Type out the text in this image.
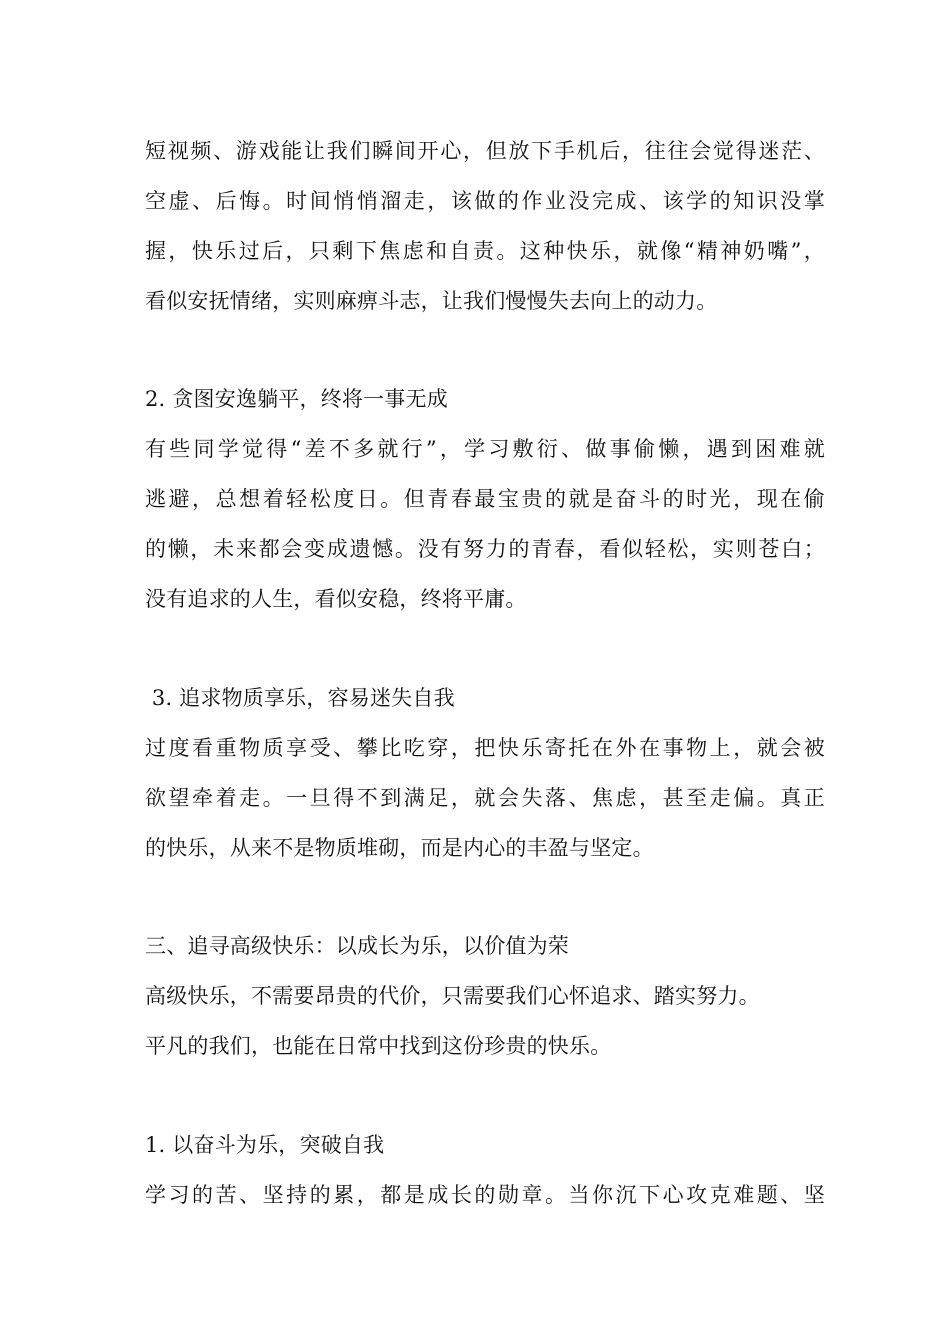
短视频、游戏能让我们瞬间开心，但放下手机后，往往会觉得迷茫、
空虚、后悔。时间悄悄溜走，该做的作业没完成、该学的知识没掌
握，快乐过后，只剩下焦虑和自责。这种快乐，就像“精神奶嘴”，
看似安抚情绪，实则麻痹斗志，让我们慢慢失去向上的动力。
2. 贪图安逸躺平，终将一事无成
有些同学觉得“差不多就行”，学习敷衍、做事偷懒，遇到困难就
逃避，总想着轻松度日。但青春最宝贵的就是奋斗的时光，现在偷
的懒，未来都会变成遗憾。没有努力的青春，看似轻松，实则苍白；
没有追求的人生，看似安稳，终将平庸。
3. 追求物质享乐，容易迷失自我
过度看重物质享受、攀比吃穿，把快乐寄托在外在事物上，就会被
欲望牵着走。一旦得不到满足，就会失落、焦虑，甚至走偏。真正
的快乐，从来不是物质堆砌，而是内心的丰盈与坚定。
三、追寻高级快乐：以成长为乐，以价值为荣
高级快乐，不需要昂贵的代价，只需要我们心怀追求、踏实努力。
平凡的我们，也能在日常中找到这份珍贵的快乐。
1. 以奋斗为乐，突破自我
学习的苦、坚持的累，都是成长的勋章。当你沉下心攻克难题、坚
